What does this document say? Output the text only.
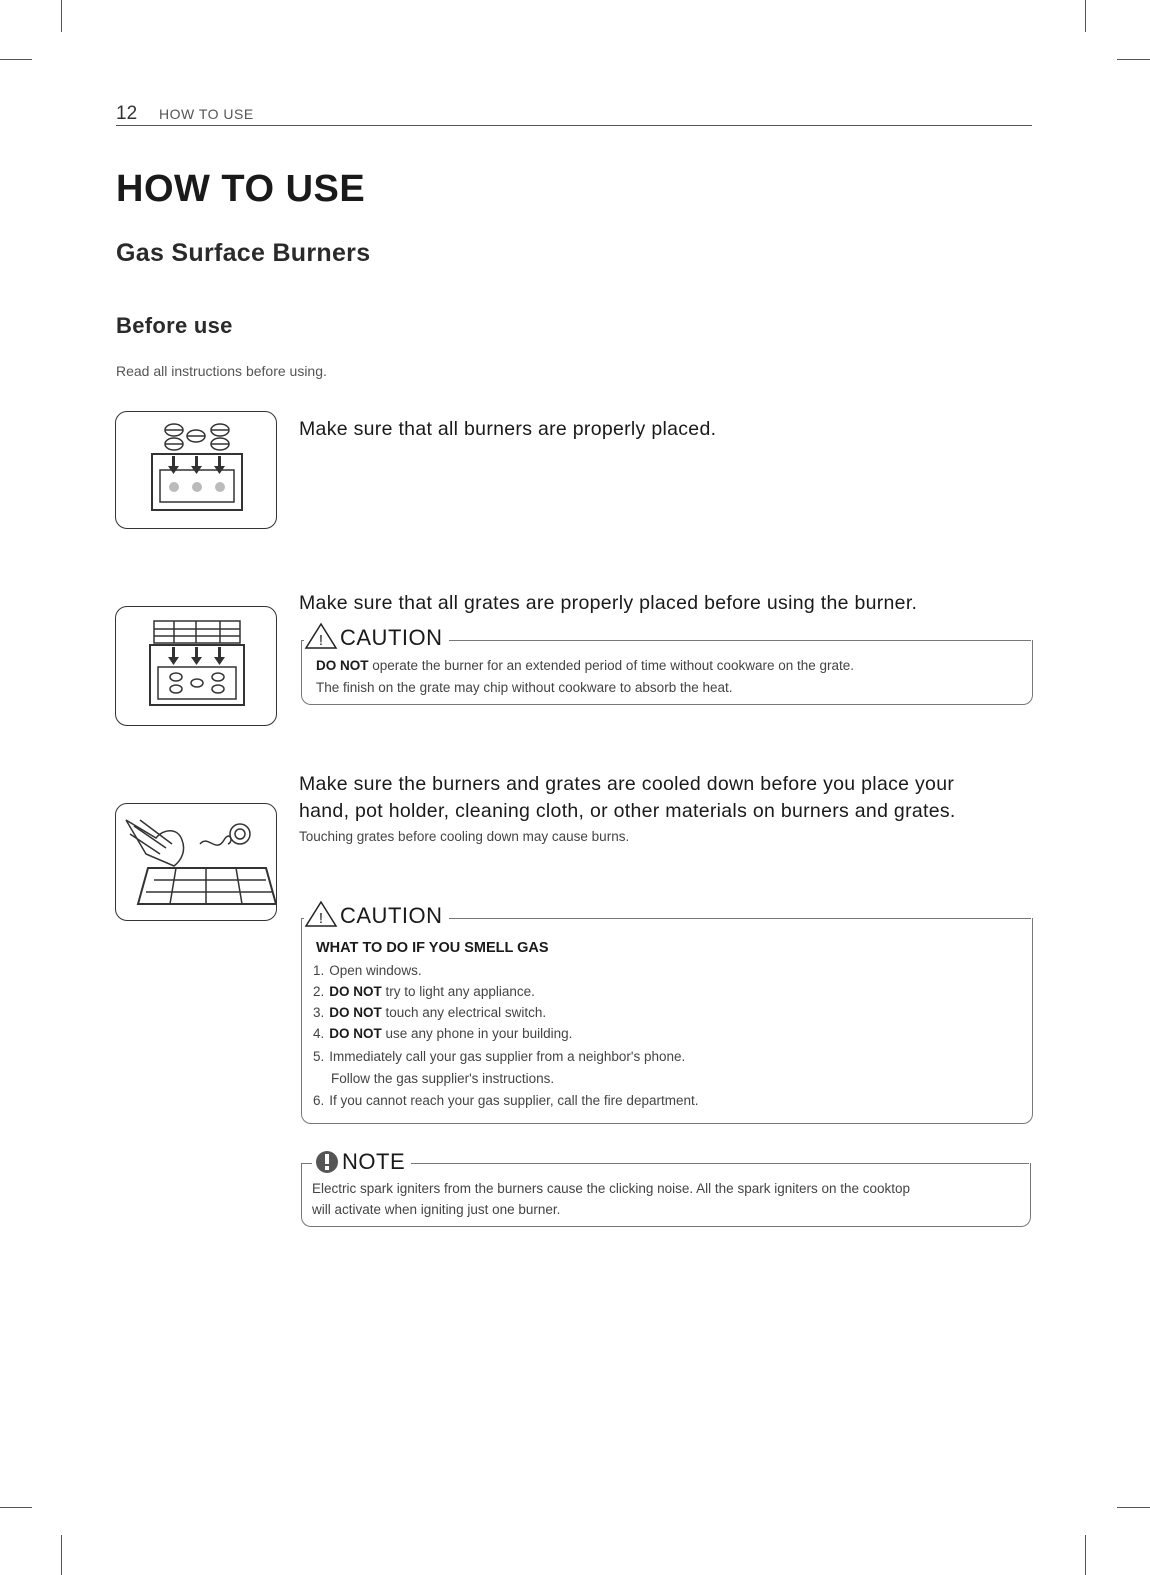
12 HOW TO USE
HOW TO USE
Gas Surface Burners
Before use
Read all instructions before using.
Make sure that all burners are properly placed.
Make sure that all grates are properly placed before using the burner.
! CAUTION
DO NOT operate the burner for an extended period of time without cookware on the grate.
The finish on the grate may chip without cookware to absorb the heat.
Make sure the burners and grates are cooled down before you place your
hand, pot holder, cleaning cloth, or other materials on burners and grates.
Touching grates before cooling down may cause burns.
! CAUTION
WHAT TO DO IF YOU SMELL GAS
1. Open windows.
2. DO NOT try to light any appliance.
3. DO NOT touch any electrical switch.
4. DO NOT use any phone in your building.
5. Immediately call your gas supplier from a neighbor's phone.
Follow the gas supplier's instructions.
6. If you cannot reach your gas supplier, call the fire department.
NOTE
Electric spark igniters from the burners cause the clicking noise. All the spark igniters on the cooktop
will activate when igniting just one burner.
